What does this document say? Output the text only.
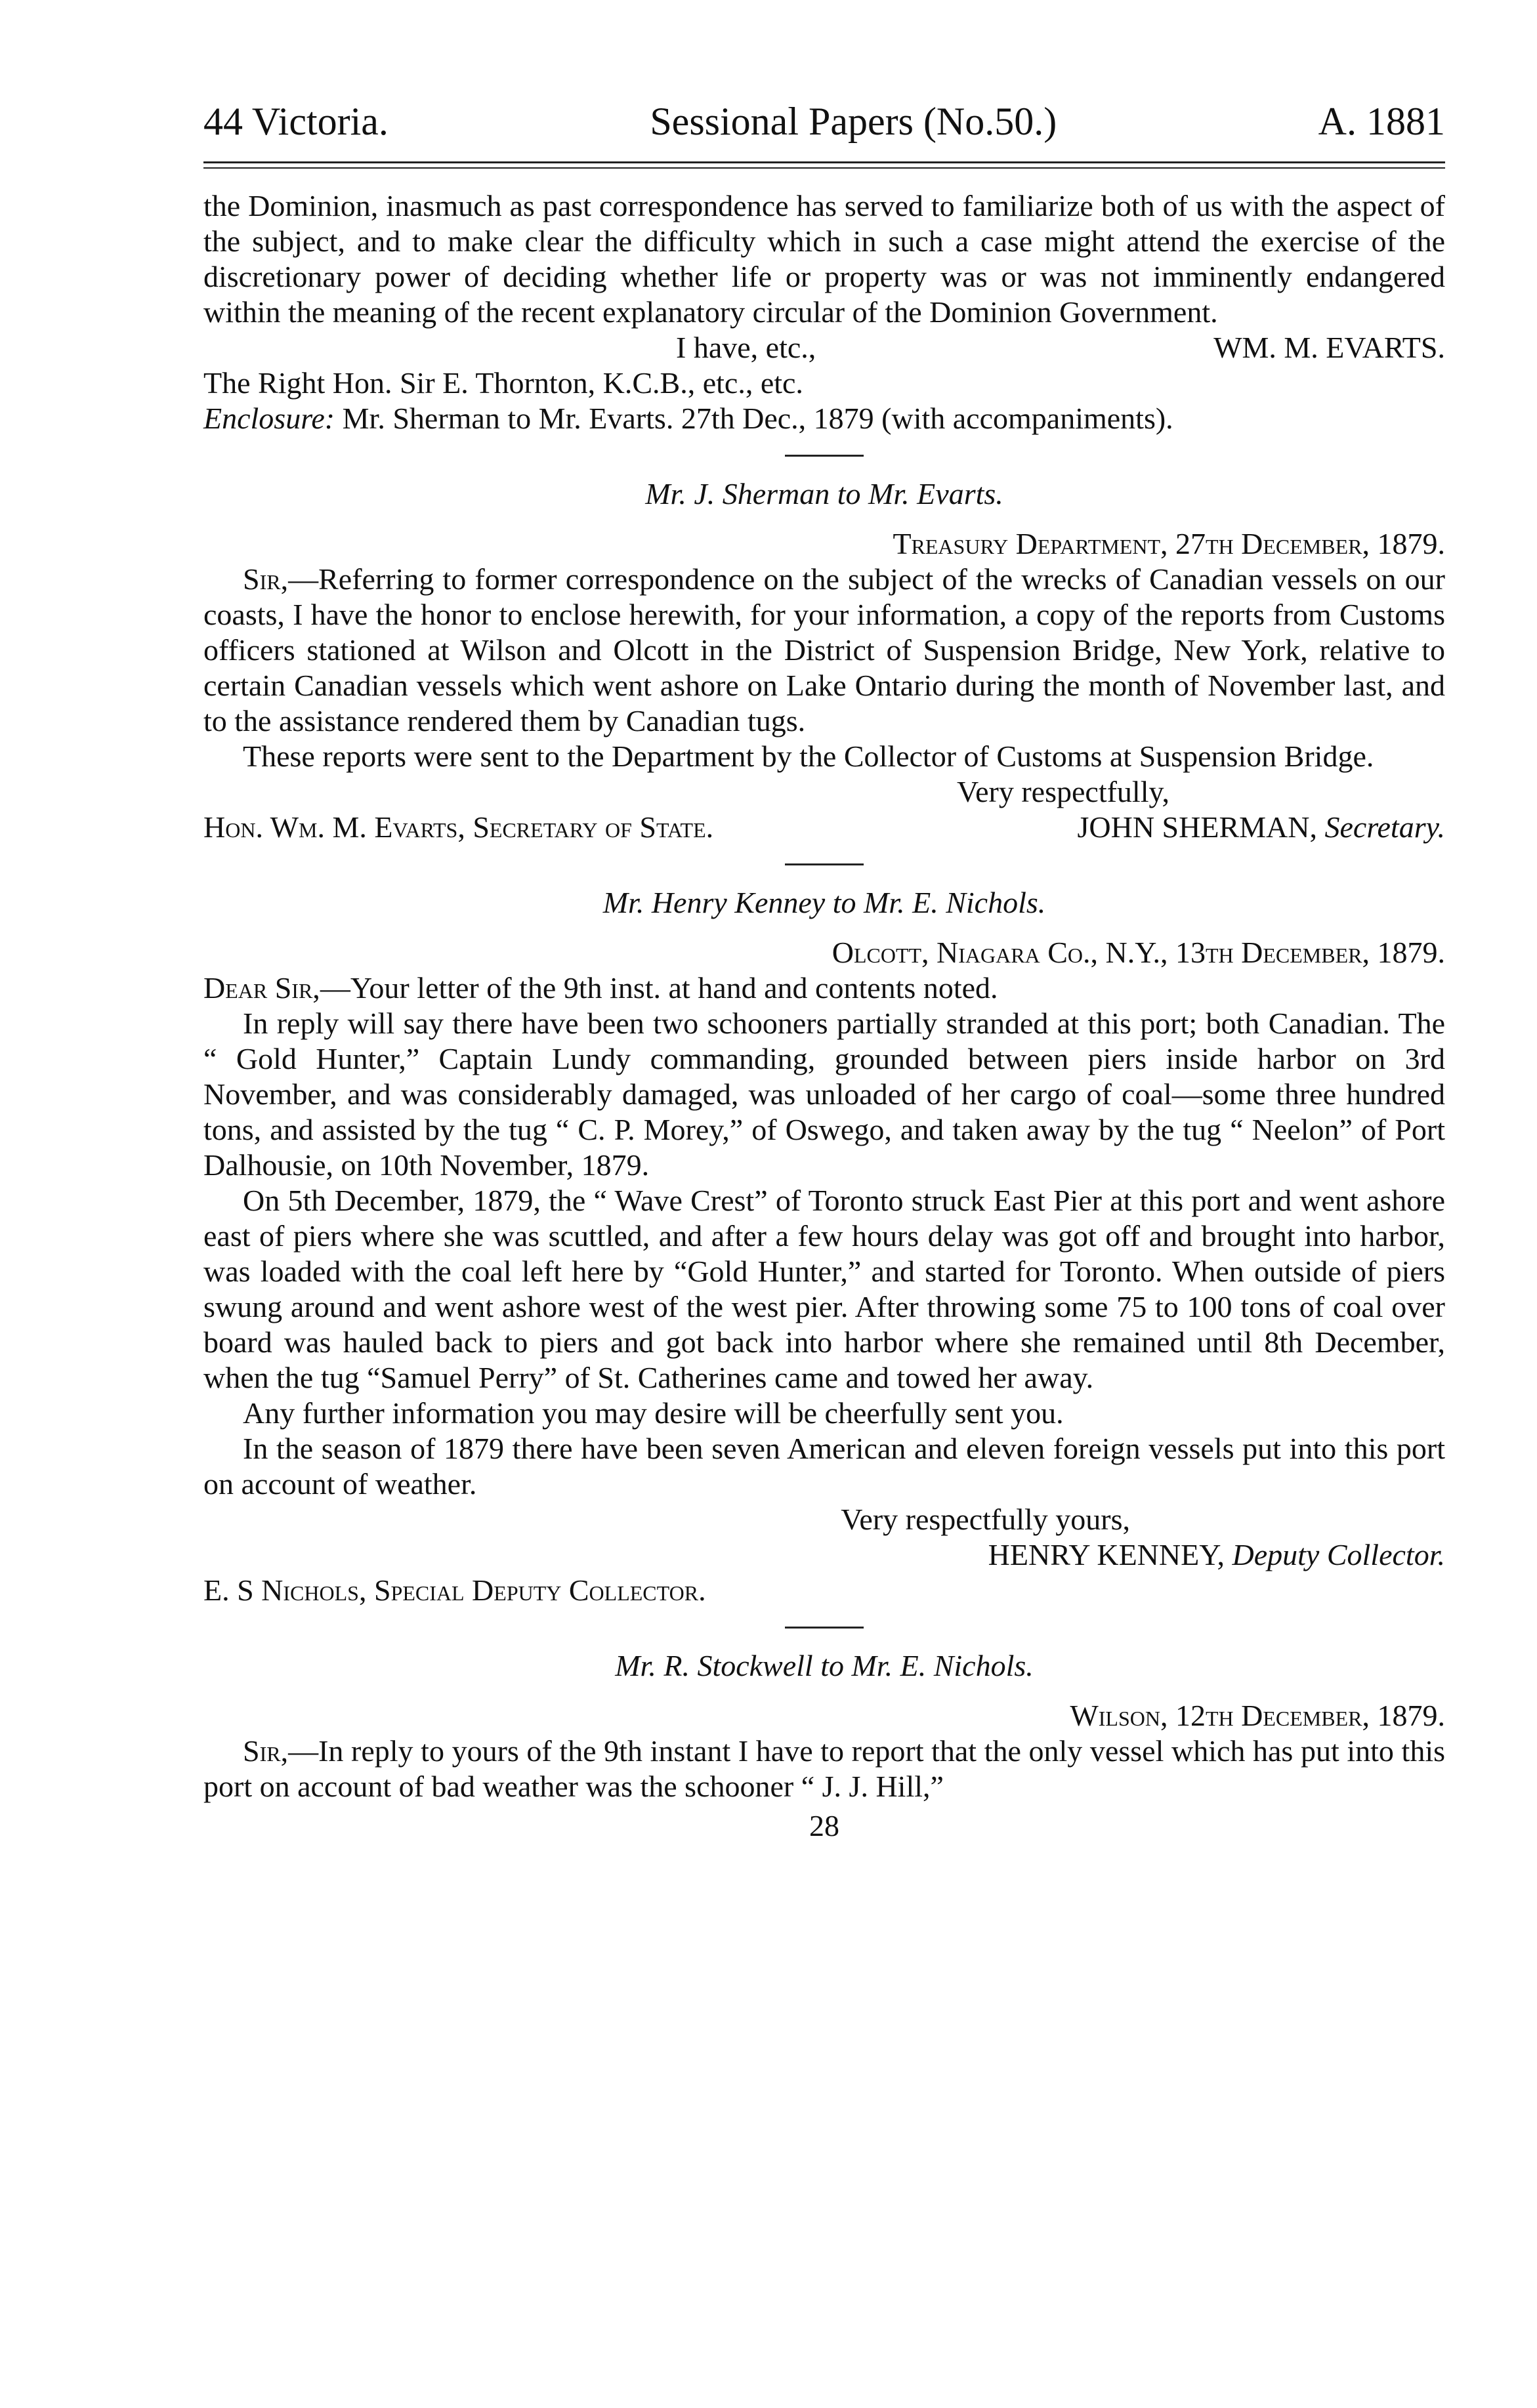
44 Victoria.	Sessional Papers (No.50.)	A. 1881

the Dominion, inasmuch as past correspondence has served to familiarize both of us with the aspect of the subject, and to make clear the difficulty which in such a case might attend the exercise of the discretionary power of deciding whether life or property was or was not imminently endangered within the meaning of the recent explanatory circular of the Dominion Government.

I have, etc.,	WM. M. EVARTS.

The Right Hon. Sir E. Thornton, K.C.B., etc., etc.

Enclosure: Mr. Sherman to Mr. Evarts. 27th Dec., 1879 (with accompaniments).

Mr. J. Sherman to Mr. Evarts.

Treasury Department, 27th December, 1879.

Sir,—Referring to former correspondence on the subject of the wrecks of Canadian vessels on our coasts, I have the honor to enclose herewith, for your information, a copy of the reports from Customs officers stationed at Wilson and Olcott in the District of Suspension Bridge, New York, relative to certain Canadian vessels which went ashore on Lake Ontario during the month of November last, and to the assistance rendered them by Canadian tugs.

These reports were sent to the Department by the Collector of Customs at Suspension Bridge.

Very respectfully,

Hon. Wm. M. Evarts, Secretary of State.	JOHN SHERMAN, Secretary.
Mr. Henry Kenney to Mr. E. Nichols.

Olcott, Niagara Co., N.Y., 13th December, 1879.

Dear Sir,—Your letter of the 9th inst. at hand and contents noted.

In reply will say there have been two schooners partially stranded at this port; both Canadian. The “ Gold Hunter,” Captain Lundy commanding, grounded between piers inside harbor on 3rd November, and was considerably damaged, was unloaded of her cargo of coal—some three hundred tons, and assisted by the tug “ C. P. Morey,” of Oswego, and taken away by the tug “ Neelon” of Port Dalhousie, on 10th November, 1879.

On 5th December, 1879, the “ Wave Crest” of Toronto struck East Pier at this port and went ashore east of piers where she was scuttled, and after a few hours delay was got off and brought into harbor, was loaded with the coal left here by “Gold Hunter,” and started for Toronto. When outside of piers swung around and went ashore west of the west pier. After throwing some 75 to 100 tons of coal over board was hauled back to piers and got back into harbor where she remained until 8th December, when the tug “Samuel Perry” of St. Catherines came and towed her away.

Any further information you may desire will be cheerfully sent you.

In the season of 1879 there have been seven American and eleven foreign vessels put into this port on account of weather.

Very respectfully yours,

HENRY KENNEY, Deputy Collector.

E. S Nichols, Special Deputy Collector.

Mr. R. Stockwell to Mr. E. Nichols.

Wilson, 12th December, 1879.

Sir,—In reply to yours of the 9th instant I have to report that the only vessel which has put into this port on account of bad weather was the schooner “ J. J. Hill,”

28
